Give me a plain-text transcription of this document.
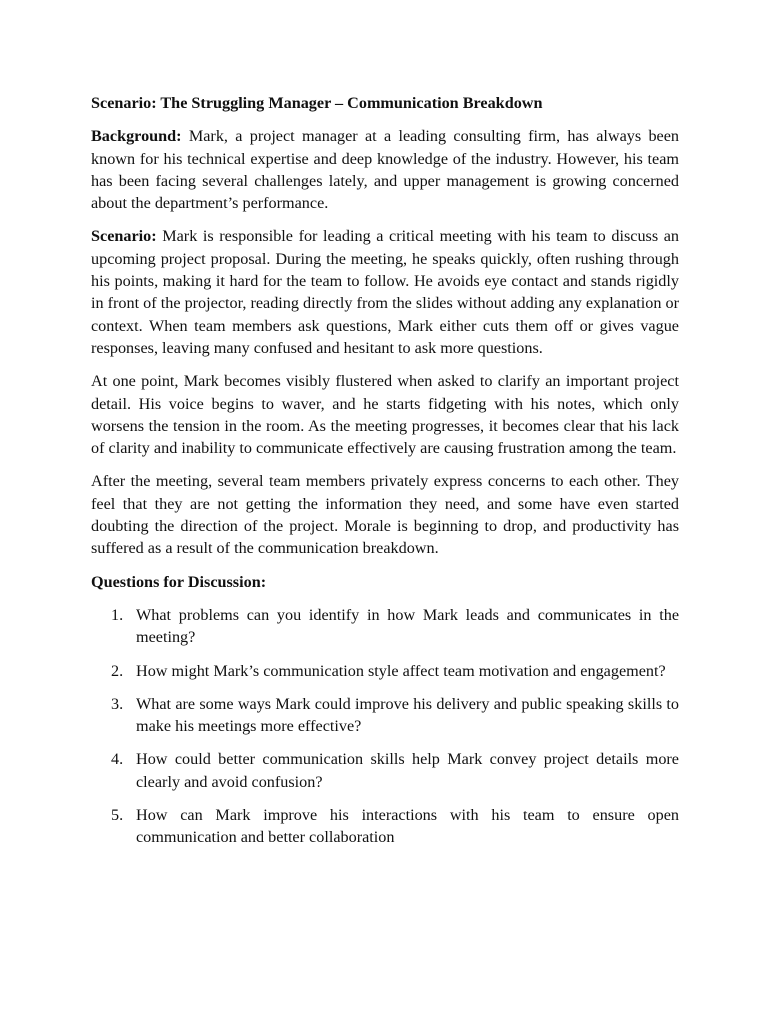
Scenario: The Struggling Manager – Communication Breakdown

Background: Mark, a project manager at a leading consulting firm, has always been known for his technical expertise and deep knowledge of the industry. However, his team has been facing several challenges lately, and upper management is growing concerned about the department’s performance.

Scenario: Mark is responsible for leading a critical meeting with his team to discuss an upcoming project proposal. During the meeting, he speaks quickly, often rushing through his points, making it hard for the team to follow. He avoids eye contact and stands rigidly in front of the projector, reading directly from the slides without adding any explanation or context. When team members ask questions, Mark either cuts them off or gives vague responses, leaving many confused and hesitant to ask more questions.

At one point, Mark becomes visibly flustered when asked to clarify an important project detail. His voice begins to waver, and he starts fidgeting with his notes, which only worsens the tension in the room. As the meeting progresses, it becomes clear that his lack of clarity and inability to communicate effectively are causing frustration among the team.

After the meeting, several team members privately express concerns to each other. They feel that they are not getting the information they need, and some have even started doubting the direction of the project. Morale is beginning to drop, and productivity has suffered as a result of the communication breakdown.

Questions for Discussion:
1. What problems can you identify in how Mark leads and communicates in the meeting?
2. How might Mark’s communication style affect team motivation and engagement?
3. What are some ways Mark could improve his delivery and public speaking skills to make his meetings more effective?
4. How could better communication skills help Mark convey project details more clearly and avoid confusion?
5. How can Mark improve his interactions with his team to ensure open communication and better collaboration
